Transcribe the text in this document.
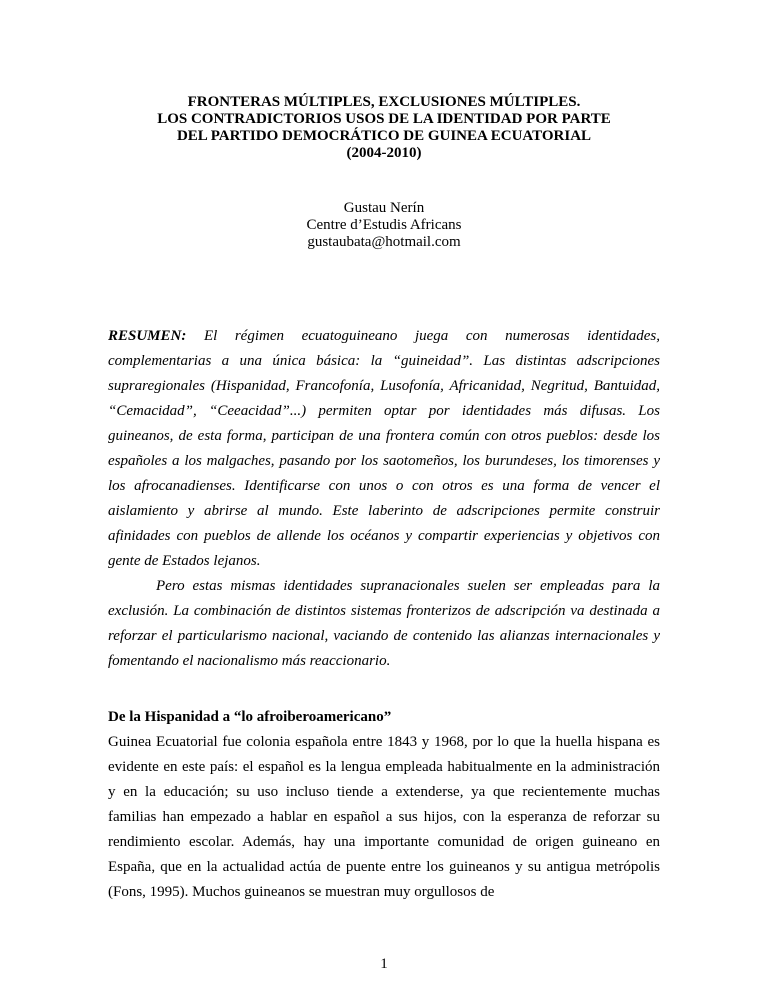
FRONTERAS MÚLTIPLES, EXCLUSIONES MÚLTIPLES.
LOS CONTRADICTORIOS USOS DE LA IDENTIDAD POR PARTE
DEL PARTIDO DEMOCRÁTICO DE GUINEA ECUATORIAL
(2004-2010)
Gustau Nerín
Centre d’Estudis Africans
gustaubata@hotmail.com

RESUMEN: El régimen ecuatoguineano juega con numerosas identidades, complementarias a una única básica: la “guineidad”. Las distintas adscripciones supraregionales (Hispanidad, Francofonía, Lusofonía, Africanidad, Negritud, Bantuidad, “Cemacidad”, “Ceeacidad”...) permiten optar por identidades más difusas. Los guineanos, de esta forma, participan de una frontera común con otros pueblos: desde los españoles a los malgaches, pasando por los saotomeños, los burundeses, los timorenses y los afrocanadienses. Identificarse con unos o con otros es una forma de vencer el aislamiento y abrirse al mundo. Este laberinto de adscripciones permite construir afinidades con pueblos de allende los océanos y compartir experiencias y objetivos con gente de Estados lejanos.

Pero estas mismas identidades supranacionales suelen ser empleadas para la exclusión. La combinación de distintos sistemas fronterizos de adscripción va destinada a reforzar el particularismo nacional, vaciando de contenido las alianzas internacionales y fomentando el nacionalismo más reaccionario.

De la Hispanidad a “lo afroiberoamericano”

Guinea Ecuatorial fue colonia española entre 1843 y 1968, por lo que la huella hispana es evidente en este país: el español es la lengua empleada habitualmente en la administración y en la educación; su uso incluso tiende a extenderse, ya que recientemente muchas familias han empezado a hablar en español a sus hijos, con la esperanza de reforzar su rendimiento escolar. Además, hay una importante comunidad de origen guineano en España, que en la actualidad actúa de puente entre los guineanos y su antigua metrópolis (Fons, 1995). Muchos guineanos se muestran muy orgullosos de

1
